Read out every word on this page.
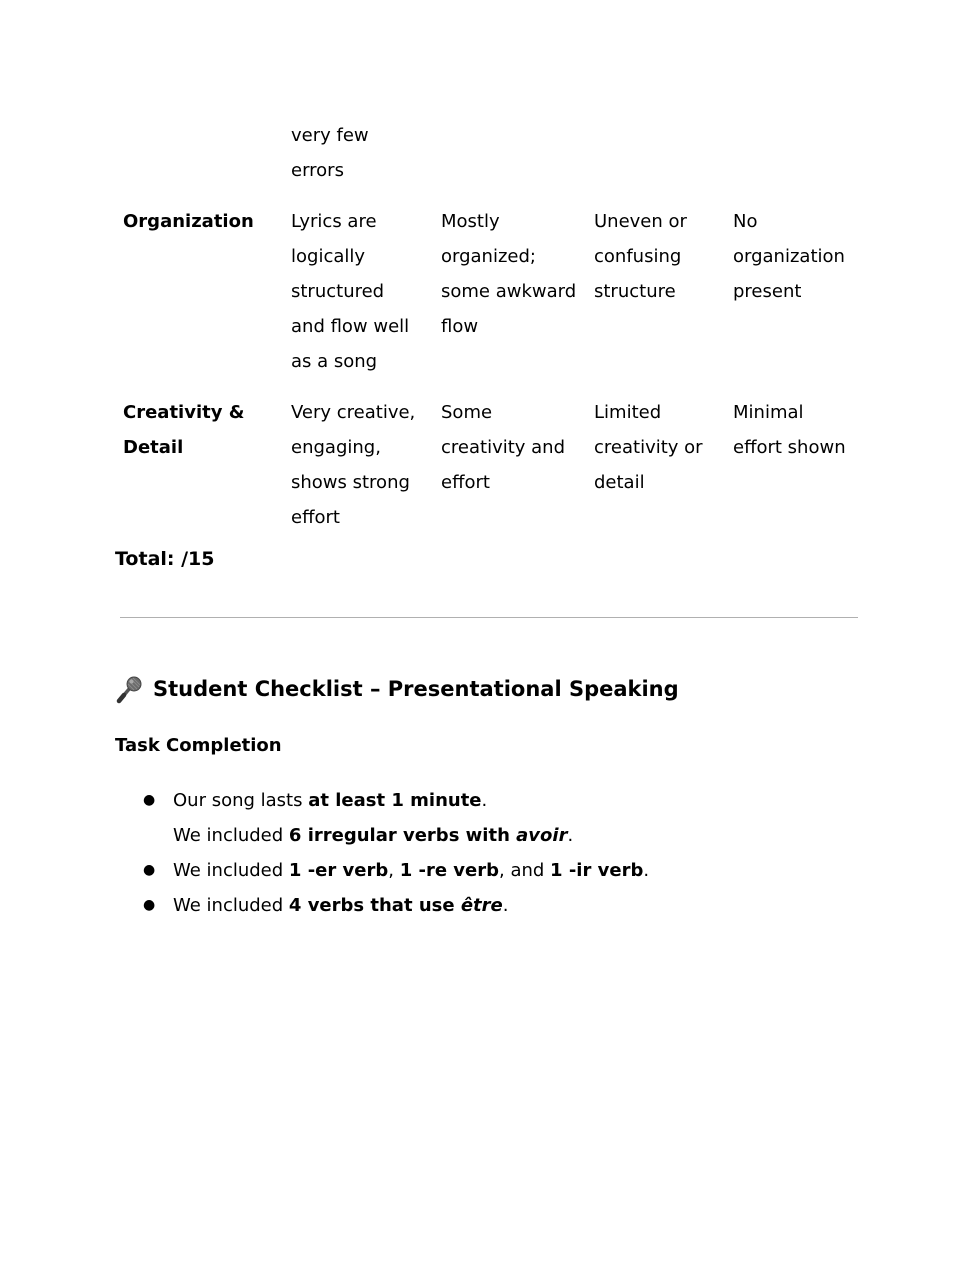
very few
errors
Organization Lyrics are
logically
structured
and flow well
as a song
Mostly
organized;
some awkward
flow
Uneven or
confusing
structure
No
organization
present
Creativity &
Detail
Very creative,
engaging,
shows strong
effort
Some
creativity and
effort
Limited
creativity or
detail
Minimal
effort shown
Total: /15
Student Checklist – Presentational Speaking
Task Completion
● Our song lasts at least 1 minute.
We included 6 irregular verbs with avoir.
● We included 1 -er verb, 1 -re verb, and 1 -ir verb.
● We included 4 verbs that use être.
